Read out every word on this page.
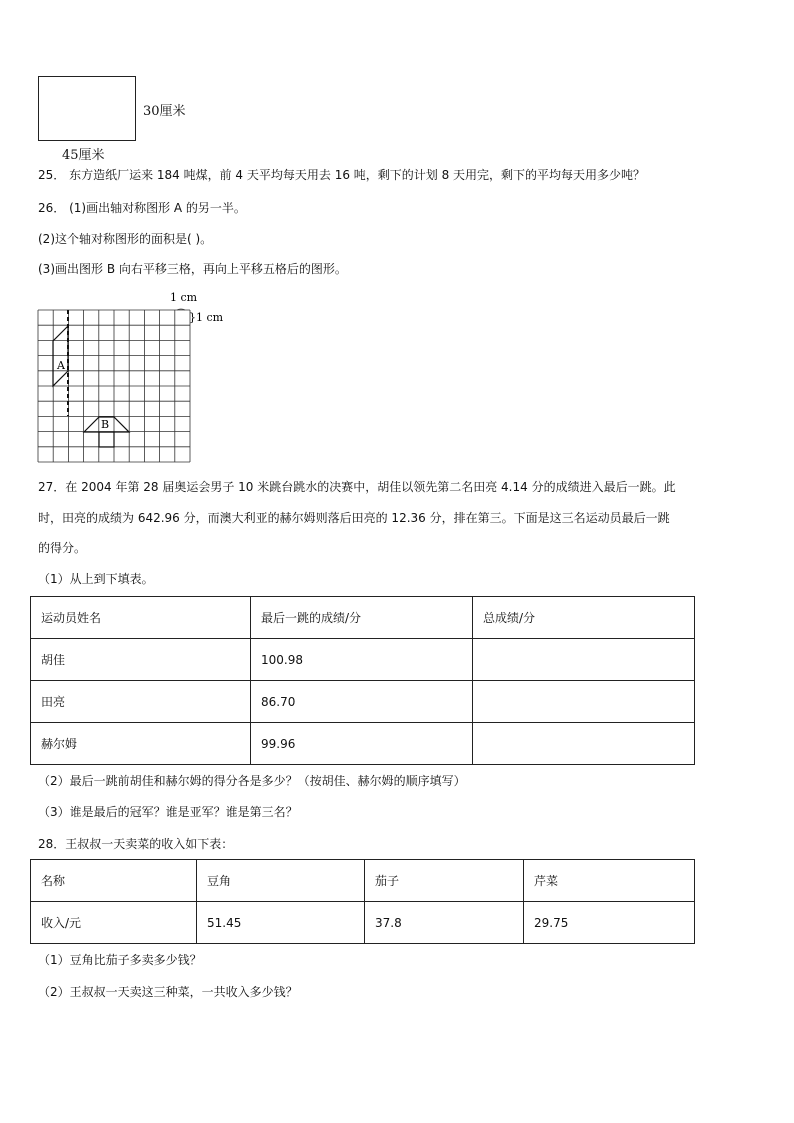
30厘米
45厘米
25． 东方造纸厂运来 184 吨煤，前 4 天平均每天用去 16 吨，剩下的计划 8 天用完，剩下的平均每天用多少吨？
26． (1)画出轴对称图形 A 的另一半。
(2)这个轴对称图形的面积是( )。
(3)画出图形 B 向右平移三格，再向上平移五格后的图形。
1 cm
}1 cm
A
B
27．在 2004 年第 28 届奥运会男子 10 米跳台跳水的决赛中，胡佳以领先第二名田亮 4.14 分的成绩进入最后一跳。此
时，田亮的成绩为 642.96 分，而澳大利亚的赫尔姆则落后田亮的 12.36 分，排在第三。下面是这三名运动员最后一跳
的得分。
（1）从上到下填表。
运动员姓名	最后一跳的成绩/分	总成绩/分
胡佳	100.98	
田亮	86.70	
赫尔姆	99.96	
（2）最后一跳前胡佳和赫尔姆的得分各是多少？（按胡佳、赫尔姆的顺序填写）
（3）谁是最后的冠军？谁是亚军？谁是第三名？
28．王叔叔一天卖菜的收入如下表：
名称	豆角	茄子	芹菜
收入/元	51.45	37.8	29.75
（1）豆角比茄子多卖多少钱？
（2）王叔叔一天卖这三种菜，一共收入多少钱？
